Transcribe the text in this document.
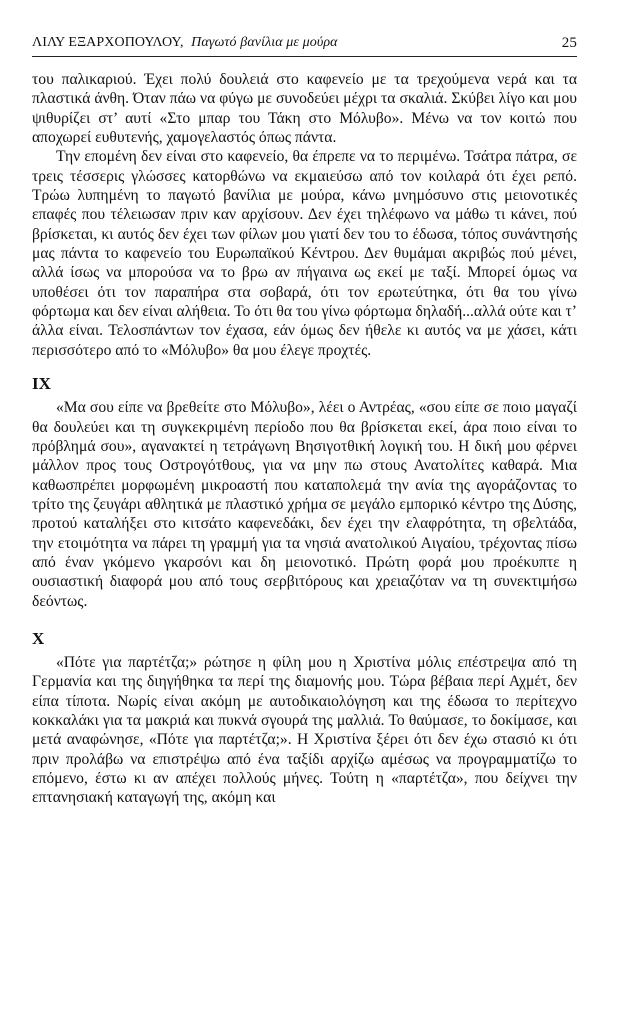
ΛΙΛΥ ΕΞΑΡΧΟΠΟΥΛΟΥ, Παγωτό βανίλια με μούρα	25

του παλικαριού. Έχει πολύ δουλειά στο καφενείο με τα τρεχούμενα νερά και τα πλαστικά άνθη. Όταν πάω να φύγω με συνοδεύει μέχρι τα σκαλιά. Σκύβει λίγο και μου ψιθυρίζει στ’ αυτί «Στο μπαρ του Τάκη στο Μόλυβο». Μένω να τον κοιτώ που αποχωρεί ευθυτενής, χαμογελαστός όπως πάντα.

Την επομένη δεν είναι στο καφενείο, θα έπρεπε να το περιμένω. Τσάτρα πάτρα, σε τρεις τέσσερις γλώσσες κατορθώνω να εκμαιεύσω από τον κοιλαρά ότι έχει ρεπό. Τρώω λυπημένη το παγωτό βανίλια με μούρα, κάνω μνημόσυνο στις μειονοτικές επαφές που τέλειωσαν πριν καν αρχίσουν. Δεν έχει τηλέφωνο να μάθω τι κάνει, πού βρίσκεται, κι αυτός δεν έχει των φίλων μου γιατί δεν του το έδωσα, τόπος συνάντησής μας πάντα το καφενείο του Ευρωπαϊκού Κέντρου. Δεν θυμάμαι ακριβώς πού μένει, αλλά ίσως να μπορούσα να το βρω αν πήγαινα ως εκεί με ταξί. Μπορεί όμως να υποθέσει ότι τον παραπήρα στα σοβαρά, ότι τον ερωτεύτηκα, ότι θα του γίνω φόρτωμα και δεν είναι αλήθεια. Το ότι θα του γίνω φόρτωμα δηλαδή...αλλά ούτε και τ’ άλλα είναι. Τελοσπάντων τον έχασα, εάν όμως δεν ήθελε κι αυτός να με χάσει, κάτι περισσότερο από το «Μόλυβο» θα μου έλεγε προχτές.

IX

«Μα σου είπε να βρεθείτε στο Μόλυβο», λέει ο Αντρέας, «σου είπε σε ποιο μαγαζί θα δουλεύει και τη συγκεκριμένη περίοδο που θα βρίσκεται εκεί, άρα ποιο είναι το πρόβλημά σου», αγανακτεί η τετράγωνη Βησιγοτθική λογική του. Η δική μου φέρνει μάλλον προς τους Οστρογότθους, για να μην πω στους Ανατολίτες καθαρά. Μια καθωσπρέπει μορφωμένη μικροαστή που καταπολεμά την ανία της αγοράζοντας το τρίτο της ζευγάρι αθλητικά με πλαστικό χρήμα σε μεγάλο εμπορικό κέντρο της Δύσης, προτού καταλήξει στο κιτσάτο καφενεδάκι, δεν έχει την ελαφρότητα, τη σβελτάδα, την ετοιμότητα να πάρει τη γραμμή για τα νησιά ανατολικού Αιγαίου, τρέχοντας πίσω από έναν γκόμενο γκαρσόνι και δη μειονοτικό. Πρώτη φορά μου προέκυπτε η ουσιαστική διαφορά μου από τους σερβιτόρους και χρειαζόταν να τη συνεκτιμήσω δεόντως.

X

«Πότε για παρτέτζα;» ρώτησε η φίλη μου η Χριστίνα μόλις επέστρεψα από τη Γερμανία και της διηγήθηκα τα περί της διαμονής μου. Τώρα βέβαια περί Αχμέτ, δεν είπα τίποτα. Νωρίς είναι ακόμη με αυτοδικαιολόγηση και της έδωσα το περίτεχνο κοκκαλάκι για τα μακριά και πυκνά σγουρά της μαλλιά. Το θαύμασε, το δοκίμασε, και μετά αναφώνησε, «Πότε για παρτέτζα;». Η Χριστίνα ξέρει ότι δεν έχω στασιό κι ότι πριν προλάβω να επιστρέψω από ένα ταξίδι αρχίζω αμέσως να προγραμματίζω το επόμενο, έστω κι αν απέχει πολλούς μήνες. Τούτη η «παρτέτζα», που δείχνει την επτανησιακή καταγωγή της, ακόμη και
